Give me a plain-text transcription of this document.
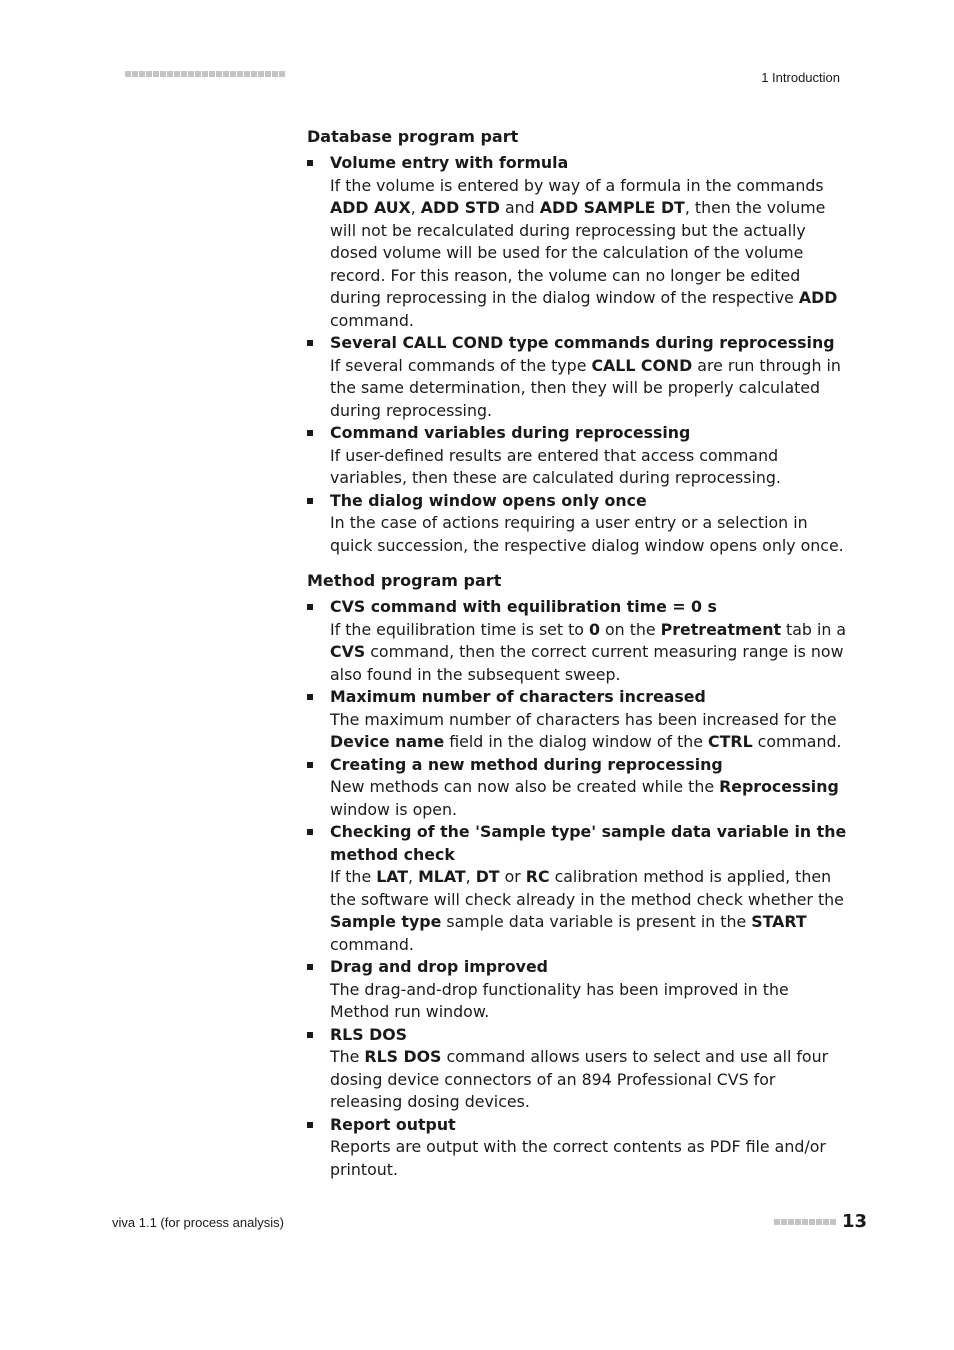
1 Introduction
Database program part
Volume entry with formula
If the volume is entered by way of a formula in the commands ADD AUX, ADD STD and ADD SAMPLE DT, then the volume will not be recalculated during reprocessing but the actually dosed volume will be used for the calculation of the volume record. For this reason, the volume can no longer be edited during reprocessing in the dialog window of the respective ADD command.
Several CALL COND type commands during reprocessing
If several commands of the type CALL COND are run through in the same determination, then they will be properly calculated during reprocessing.
Command variables during reprocessing
If user-defined results are entered that access command variables, then these are calculated during reprocessing.
The dialog window opens only once
In the case of actions requiring a user entry or a selection in quick succession, the respective dialog window opens only once.
Method program part
CVS command with equilibration time = 0 s
If the equilibration time is set to 0 on the Pretreatment tab in a CVS command, then the correct current measuring range is now also found in the subsequent sweep.
Maximum number of characters increased
The maximum number of characters has been increased for the Device name field in the dialog window of the CTRL command.
Creating a new method during reprocessing
New methods can now also be created while the Reprocessing window is open.
Checking of the 'Sample type' sample data variable in the method check
If the LAT, MLAT, DT or RC calibration method is applied, then the software will check already in the method check whether the Sample type sample data variable is present in the START command.
Drag and drop improved
The drag-and-drop functionality has been improved in the Method run window.
RLS DOS
The RLS DOS command allows users to select and use all four dosing device connectors of an 894 Professional CVS for releasing dosing devices.
Report output
Reports are output with the correct contents as PDF file and/or printout.
viva 1.1 (for process analysis)	13
